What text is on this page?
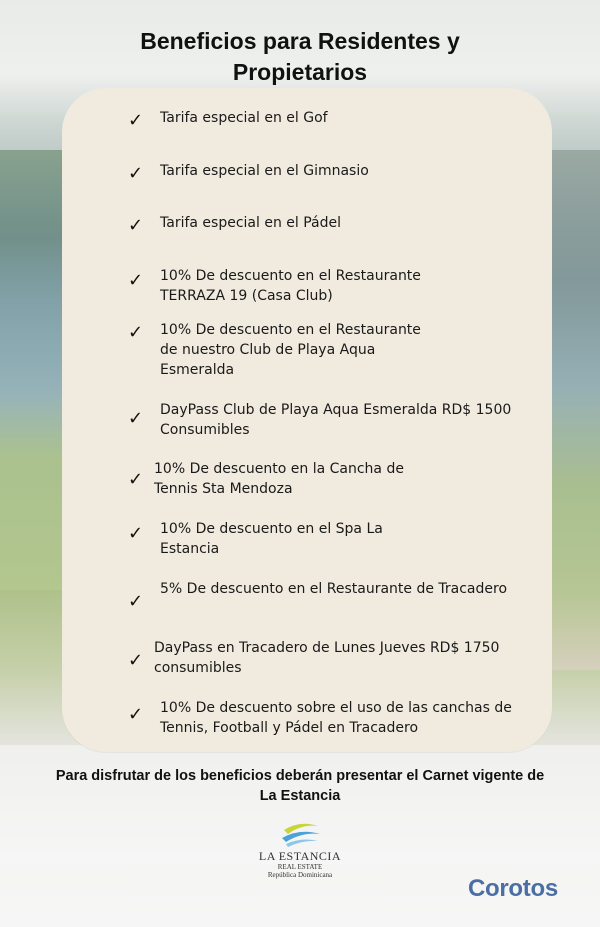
Beneficios para Residentes y
Propietarios
✓ Tarifa especial en el Gof
✓ Tarifa especial en el Gimnasio
✓ Tarifa especial en el Pádel
✓ 10% De descuento en el Restaurante
TERRAZA 19 (Casa Club)
✓ 10% De descuento en el Restaurante
de nuestro Club de Playa Aqua
Esmeralda
✓ DayPass Club de Playa Aqua Esmeralda RD$ 1500
Consumibles
✓ 10% De descuento en la Cancha de
Tennis Sta Mendoza
✓ 10% De descuento en el Spa La
Estancia
✓
5% De descuento en el Restaurante de Tracadero
✓
DayPass en Tracadero de Lunes Jueves RD$ 1750
consumibles
✓ 10% De descuento sobre el uso de las canchas de
Tennis, Football y Pádel en Tracadero
Para disfrutar de los beneficios deberán presentar el Carnet vigente de
La Estancia
LA ESTANCIA
REAL ESTATE
República Dominicana	Corotos
